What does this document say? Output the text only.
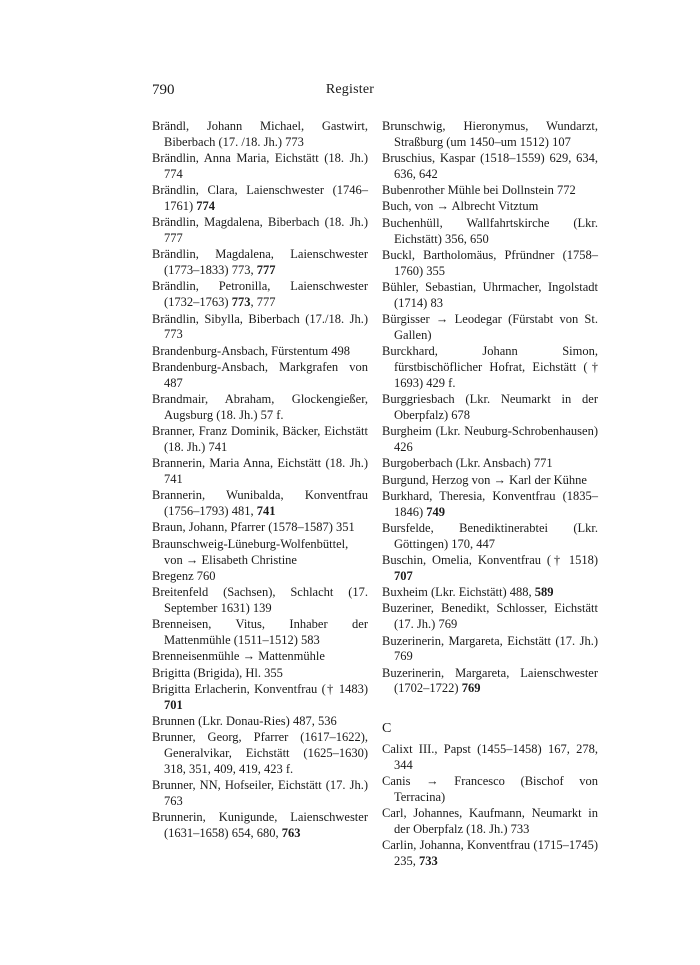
790	Register
Brändl, Johann Michael, Gastwirt, Biberbach (17. /18. Jh.) 773
Brändlin, Anna Maria, Eichstätt (18. Jh.) 774
Brändlin, Clara, Laienschwester (1746–1761) 774
Brändlin, Magdalena, Biberbach (18. Jh.) 777
Brändlin, Magdalena, Laienschwester (1773–1833) 773, 777
Brändlin, Petronilla, Laienschwester (1732–1763) 773, 777
Brändlin, Sibylla, Biberbach (17./18. Jh.) 773
Brandenburg-Ansbach, Fürstentum 498
Brandenburg-Ansbach, Markgrafen von 487
Brandmair, Abraham, Glockengießer, Augsburg (18. Jh.) 57 f.
Branner, Franz Dominik, Bäcker, Eichstätt (18. Jh.) 741
Brannerin, Maria Anna, Eichstätt (18. Jh.) 741
Brannerin, Wunibalda, Konventfrau (1756–1793) 481, 741
Braun, Johann, Pfarrer (1578–1587) 351
Braunschweig-Lüneburg-Wolfenbüttel, von → Elisabeth Christine
Bregenz 760
Breitenfeld (Sachsen), Schlacht (17. September 1631) 139
Brenneisen, Vitus, Inhaber der Mattenmühle (1511–1512) 583
Brenneisenmühle → Mattenmühle
Brigitta (Brigida), Hl. 355
Brigitta Erlacherin, Konventfrau († 1483) 701
Brunnen (Lkr. Donau-Ries) 487, 536
Brunner, Georg, Pfarrer (1617–1622), Generalvikar, Eichstätt (1625–1630) 318, 351, 409, 419, 423 f.
Brunner, NN, Hofseiler, Eichstätt (17. Jh.) 763
Brunnerin, Kunigunde, Laienschwester (1631–1658) 654, 680, 763
Brunschwig, Hieronymus, Wundarzt, Straßburg (um 1450–um 1512) 107
Bruschius, Kaspar (1518–1559) 629, 634, 636, 642
Bubenrother Mühle bei Dollnstein 772
Buch, von → Albrecht Vitztum
Buchenhüll, Wallfahrtskirche (Lkr. Eichstätt) 356, 650
Buckl, Bartholomäus, Pfründner (1758–1760) 355
Bühler, Sebastian, Uhrmacher, Ingolstadt (1714) 83
Bürgisser → Leodegar (Fürstabt von St. Gallen)
Burckhard, Johann Simon, fürstbischöflicher Hofrat, Eichstätt († 1693) 429 f.
Burggriesbach (Lkr. Neumarkt in der Oberpfalz) 678
Burgheim (Lkr. Neuburg-Schrobenhausen) 426
Burgoberbach (Lkr. Ansbach) 771
Burgund, Herzog von → Karl der Kühne
Burkhard, Theresia, Konventfrau (1835–1846) 749
Bursfelde, Benediktinerabtei (Lkr. Göttingen) 170, 447
Buschin, Omelia, Konventfrau († 1518) 707
Buxheim (Lkr. Eichstätt) 488, 589
Buzeriner, Benedikt, Schlosser, Eichstätt (17. Jh.) 769
Buzerinerin, Margareta, Eichstätt (17. Jh.) 769
Buzerinerin, Margareta, Laienschwester (1702–1722) 769
C
Calixt III., Papst (1455–1458) 167, 278, 344
Canis → Francesco (Bischof von Terracina)
Carl, Johannes, Kaufmann, Neumarkt in der Oberpfalz (18. Jh.) 733
Carlin, Johanna, Konventfrau (1715–1745) 235, 733
